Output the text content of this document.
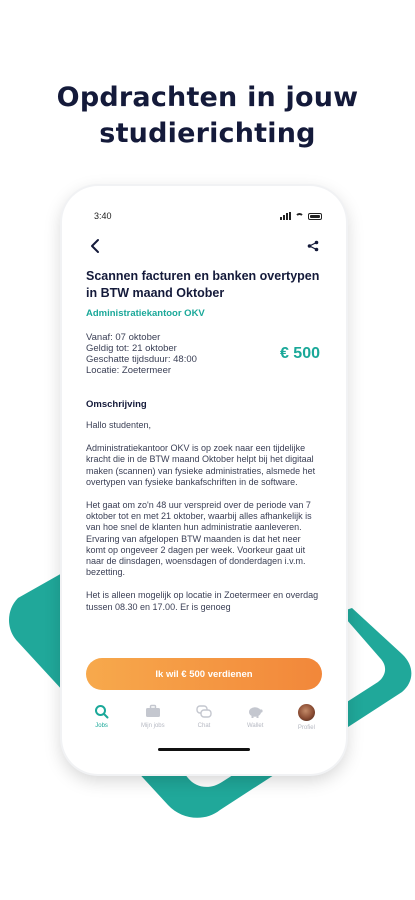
Opdrachten in jouw
studierichting
3:40
Scannen facturen en banken overtypen in BTW maand Oktober
Administratiekantoor OKV
Vanaf: 07 oktober
Geldig tot: 21 oktober
Geschatte tijdsduur: 48:00
Locatie: Zoetermeer
€ 500
Omschrijving
Hallo studenten,
Administratiekantoor OKV is op zoek naar een tijdelijke kracht die in de BTW maand Oktober helpt bij het digitaal maken (scannen) van fysieke administraties, alsmede het overtypen van fysieke bankafschriften in de software.
Het gaat om zo'n 48 uur verspreid over de periode van 7 oktober tot en met 21 oktober, waarbij alles afhankelijk is van hoe snel de klanten hun administratie aanleveren. Ervaring van afgelopen BTW maanden is dat het neer komt op ongeveer 2 dagen per week. Voorkeur gaat uit naar de dinsdagen, woensdagen of donderdagen i.v.m. bezetting.
Het is alleen mogelijk op locatie in Zoetermeer en overdag tussen 08.30 en 17.00. Er is genoeg
Ik wil € 500 verdienen
Jobs	Mijn jobs	Chat	Wallet	Profiel
